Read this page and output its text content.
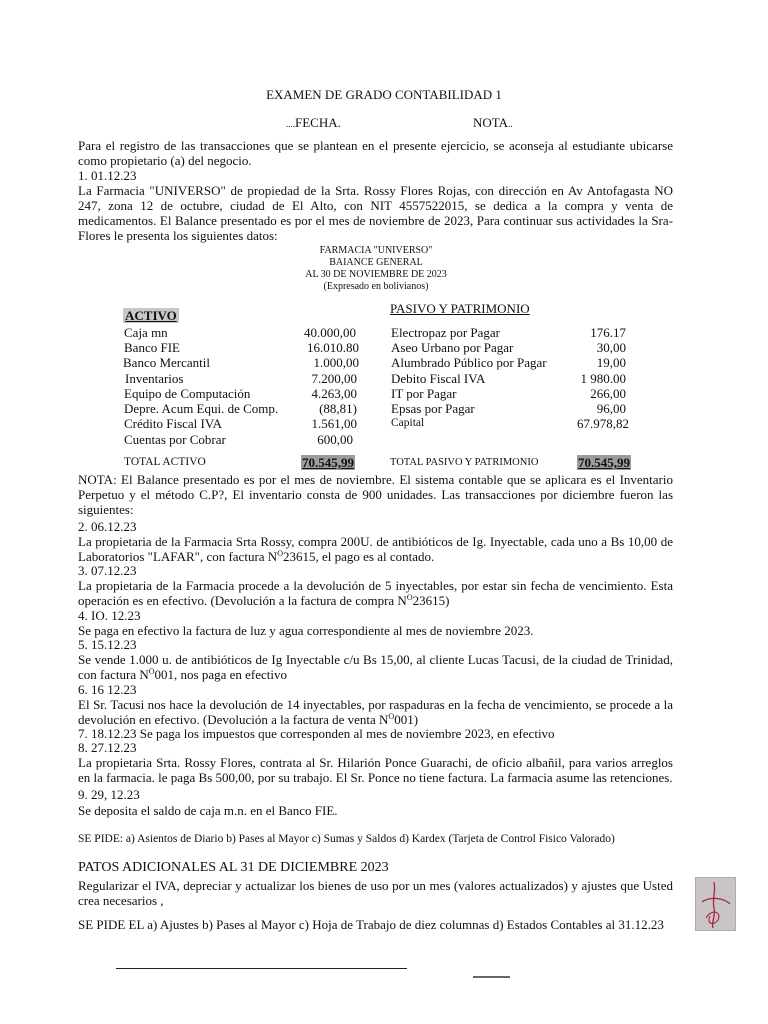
EXAMEN DE GRADO CONTABILIDAD 1
....FECHA.	NOTA..
Para el registro de las transacciones que se plantean en el presente ejercicio, se aconseja al estudiante ubicarse como propietario (a) del negocio.
1. 01.12.23
La Farmacia "UNIVERSO" de propiedad de la Srta. Rossy Flores Rojas, con dirección en Av Antofagasta NO 247, zona 12 de octubre, ciudad de El Alto, con NIT 4557522015, se dedica a la compra y venta de medicamentos. El Balance presentado es por el mes de noviembre de 2023, Para continuar sus actividades la Sra- Flores le presenta los siguientes datos:
FARMACIA "UNIVERSO"
BAIANCE GENERAL
AL 30 DE NOVIEMBRE DE 2023
(Expresado en bolivianos)
ACTIVO	PASIVO Y PATRIMONIO
Caja mn	40.000,00
Banco FIE	16.010.80
Banco Mercantil	1.000,00
Inventarios	7.200,00
Equipo de Computación	4.263,00
Depre. Acum Equi. de Comp.	(88,81)
Crédito Fiscal IVA	1.561,00
Cuentas por Cobrar	600,00
Electropaz por Pagar	176.17
Aseo Urbano por Pagar	30,00
Alumbrado Público por Pagar	19,00
Debito Fiscal IVA	1 980.00
IT por Pagar	266,00
Epsas por Pagar	96,00
Capital	67.978,82
TOTAL ACTIVO	70.545,99	TOTAL PASIVO Y PATRIMONIO	70.545,99
NOTA: El Balance presentado es por el mes de noviembre. El sistema contable que se aplicara es el Inventario Perpetuo y el método C.P?, El inventario consta de 900 unidades. Las transacciones por diciembre fueron las siguientes:
2. 06.12.23
La propietaria de la Farmacia Srta Rossy, compra 200U. de antibióticos de Ig. Inyectable, cada uno a Bs 10,00 de Laboratorios "LAFAR", con factura $N^O23615$, el pago es al contado.
3. 07.12.23
La propietaria de la Farmacia procede a la devolución de 5 inyectables, por estar sin fecha de vencimiento. Esta operación es en efectivo. (Devolución a la factura de compra $N^O23615$)
4. IO. 12.23
Se paga en efectivo la factura de luz y agua correspondiente al mes de noviembre 2023.
5. 15.12.23
Se vende 1.000 u. de antibióticos de Ig Inyectable c/u Bs 15,00, al cliente Lucas Tacusi, de la ciudad de Trinidad, con factura $N^O001$, nos paga en efectivo
6. 16 12.23
El Sr. Tacusi nos hace la devolución de 14 inyectables, por raspaduras en la fecha de vencimiento, se procede a la devolución en efectivo. (Devolución a la factura de venta $N^O001$)
7. 18.12.23 Se paga los impuestos que corresponden al mes de noviembre 2023, en efectivo
8. 27.12.23
La propietaria Srta. Rossy Flores, contrata al Sr. Hilarión Ponce Guarachi, de oficio albañil, para varios arreglos en la farmacia. le paga Bs 500,00, por su trabajo. El Sr. Ponce no tiene factura. La farmacia asume las retenciones.
9. 29, 12.23
Se deposita el saldo de caja m.n. en el Banco FIE.
SE PIDE: a) Asientos de Diario b) Pases al Mayor c) Sumas y Saldos d) Kardex (Tarjeta de Control Fisico Valorado)
PATOS ADICIONALES AL 31 DE DICIEMBRE 2023
Regularizar el IVA, depreciar y actualizar los bienes de uso por un mes (valores actualizados) y ajustes que Usted crea necesarios ,
SE PIDE EL a) Ajustes b) Pases al Mayor c) Hoja de Trabajo de diez columnas d) Estados Contables al 31.12.23
